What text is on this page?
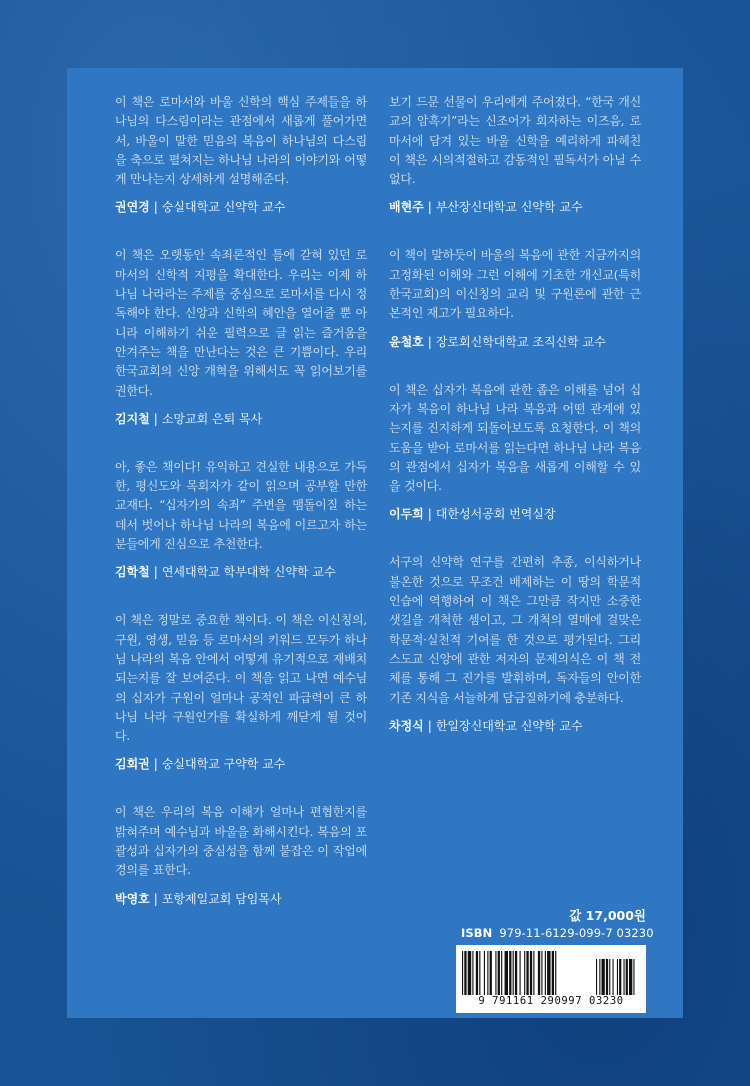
이 책은 로마서와 바울 신학의 핵심 주제들을 하나님의 다스림이라는 관점에서 새롭게 풀어가면서, 바울이 말한 믿음의 복음이 하나님의 다스림을 축으로 펼쳐지는 하나님 나라의 이야기와 어떻게 만나는지 상세하게 설명해준다.

권연경 | 숭실대학교 신약학 교수

이 책은 오랫동안 속죄론적인 틀에 갇혀 있던 로마서의 신학적 지평을 확대한다. 우리는 이제 하나님 나라라는 주제를 중심으로 로마서를 다시 정독해야 한다. 신앙과 신학의 혜안을 열어줄 뿐 아니라 이해하기 쉬운 필력으로 글 읽는 즐거움을 안겨주는 책을 만난다는 것은 큰 기쁨이다. 우리 한국교회의 신앙 개혁을 위해서도 꼭 읽어보기를 권한다.

김지철 | 소망교회 은퇴 목사

아, 좋은 책이다! 유익하고 견실한 내용으로 가득한, 평신도와 목회자가 같이 읽으며 공부할 만한 교재다. “십자가의 속죄” 주변을 맴돌이질 하는 데서 벗어나 하나님 나라의 복음에 이르고자 하는 분들에게 진심으로 추천한다.

김학철 | 연세대학교 학부대학 신약학 교수

이 책은 정말로 중요한 책이다. 이 책은 이신칭의, 구원, 영생, 믿음 등 로마서의 키워드 모두가 하나님 나라의 복음 안에서 어떻게 유기적으로 재배치되는지를 잘 보여준다. 이 책을 읽고 나면 예수님의 십자가 구원이 얼마나 공적인 파급력이 큰 하나님 나라 구원인가를 확실하게 깨닫게 될 것이다.

김회권 | 숭실대학교 구약학 교수

이 책은 우리의 복음 이해가 얼마나 편협한지를 밝혀주며 예수님과 바울을 화해시킨다. 복음의 포괄성과 십자가의 중심성을 함께 붙잡은 이 작업에 경의를 표한다.

박영호 | 포항제일교회 담임목사

보기 드문 선물이 우리에게 주어졌다. “한국 개신교의 암흑기”라는 신조어가 회자하는 이즈음, 로마서에 담겨 있는 바울 신학을 예리하게 파헤친 이 책은 시의적절하고 감동적인 필독서가 아닐 수 없다.

배현주 | 부산장신대학교 신약학 교수

이 책이 말하듯이 바울의 복음에 관한 지금까지의 고정화된 이해와 그런 이해에 기초한 개신교(특히 한국교회)의 이신칭의 교리 및 구원론에 관한 근본적인 재고가 필요하다.

윤철호 | 장로회신학대학교 조직신학 교수

이 책은 십자가 복음에 관한 좁은 이해를 넘어 십자가 복음이 하나님 나라 복음과 어떤 관계에 있는지를 진지하게 되돌아보도록 요청한다. 이 책의 도움을 받아 로마서를 읽는다면 하나님 나라 복음의 관점에서 십자가 복음을 새롭게 이해할 수 있을 것이다.

이두희 | 대한성서공회 번역실장

서구의 신약학 연구를 간편히 추종, 이식하거나 불온한 것으로 무조건 배제하는 이 땅의 학문적 인습에 역행하여 이 책은 그만큼 작지만 소중한 샛길을 개척한 셈이고, 그 개척의 열매에 걸맞은 학문적·실천적 기여를 한 것으로 평가된다. 그리스도교 신앙에 관한 저자의 문제의식은 이 책 전체를 통해 그 진가를 발휘하며, 독자들의 안이한 기존 지식을 서늘하게 담금질하기에 충분하다.

차정식 | 한일장신대학교 신약학 교수

값 17,000원
ISBN 979-11-6129-099-7 03230
9 791161 290997 03230
